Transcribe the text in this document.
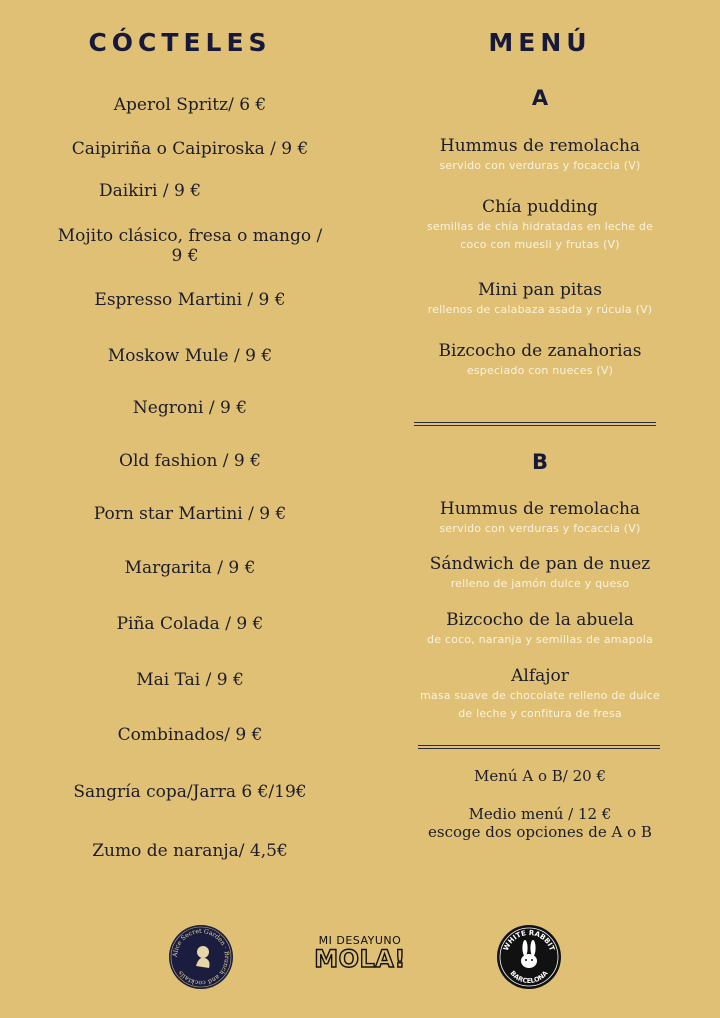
CÓCTELES
Aperol Spritz/ 6 €
Caipiriña o Caipiroska / 9 €
Daikiri / 9 €
Mojito clásico, fresa o mango /
9 €
Espresso Martini / 9 €
Moskow Mule / 9 €
Negroni / 9 €
Old fashion / 9 €
Porn star Martini / 9 €
Margarita / 9 €
Piña Colada / 9 €
Mai Tai / 9 €
Combinados/ 9 €
Sangría copa/Jarra 6 €/19€
Zumo de naranja/ 4,5€
MENÚ
A
Hummus de remolacha
servido con verduras y focaccia (V)
Chía pudding
semillas de chía hidratadas en leche de
coco con muesli y frutas (V)
Mini pan pitas
rellenos de calabaza asada y rúcula (V)
Bizcocho de zanahorias
especiado con nueces (V)
B
Hummus de remolacha
servido con verduras y focaccia (V)
Sándwich de pan de nuez
relleno de jamón dulce y queso
Bizcocho de la abuela
de coco, naranja y semillas de amapola
Alfajor
masa suave de chocolate relleno de dulce
de leche y confitura de fresa
Menú A o B/ 20 €
Medio menú / 12 €
escoge dos opciones de A o B
Alice Secret Garden · Brunch and cocktails
MI DESAYUNO
MOLA!	WHITE RABBIT
BARCELONA
